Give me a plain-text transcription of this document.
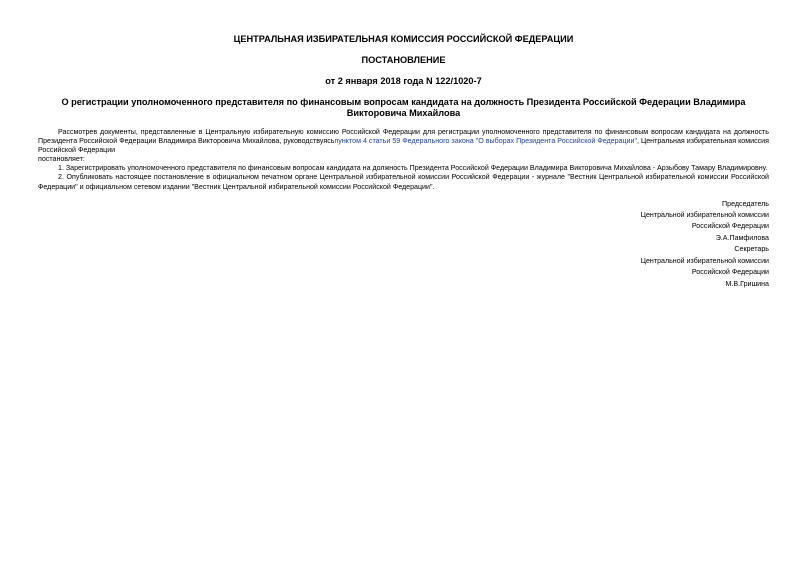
ЦЕНТРАЛЬНАЯ ИЗБИРАТЕЛЬНАЯ КОМИССИЯ РОССИЙСКОЙ ФЕДЕРАЦИИ
ПОСТАНОВЛЕНИЕ
от 2 января 2018 года N 122/1020-7
О регистрации уполномоченного представителя по финансовым вопросам кандидата на должность Президента Российской Федерации Владимира Викторовича Михайлова

Рассмотрев документы, представленные в Центральную избирательную комиссию Российской Федерации для регистрации уполномоченного представителя по финансовым вопросам кандидата на должность Президента Российской Федерации Владимира Викторовича Михайлова, руководствуясьпунктом 4 статьи 59 Федерального закона "О выборах Президента Российской Федерации", Центральная избирательная комиссия Российской Федерации

постановляет:

1. Зарегистрировать уполномоченного представителя по финансовым вопросам кандидата на должность Президента Российской Федерации Владимира Викторовича Михайлова - Арзыбову Тамару Владимировну.

2. Опубликовать настоящее постановление в официальном печатном органе Центральной избирательной комиссии Российской Федерации - журнале "Вестник Центральной избирательной комиссии Российской Федерации" и официальном сетевом издании "Вестник Центральной избирательной комиссии Российской Федерации".

Председатель
Центральной избирательной комиссии
Российской Федерации
Э.А.Памфилова
Секретарь
Центральной избирательной комиссии
Российской Федерации
М.В.Гришина
